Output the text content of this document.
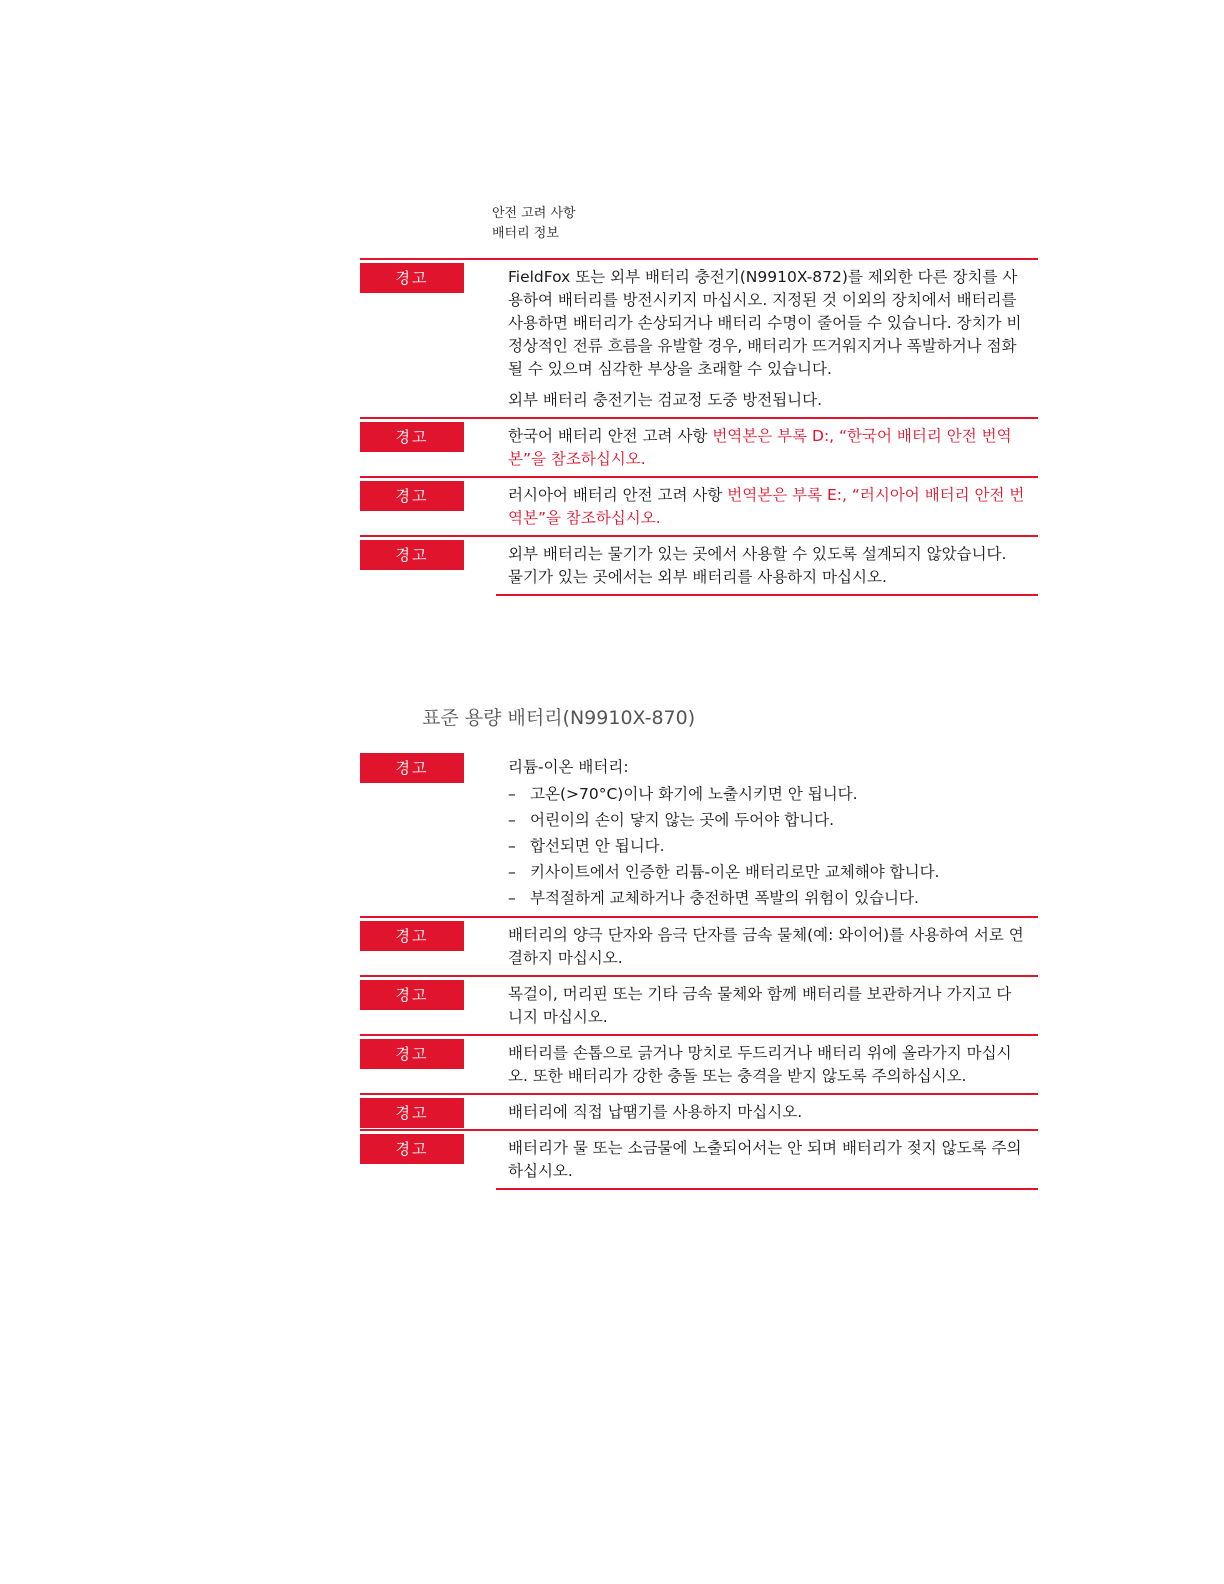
안전 고려 사항
배터리 정보
경고	FieldFox 또는 외부 배터리 충전기(N9910X-872)를 제외한 다른 장치를 사용하여 배터리를 방전시키지 마십시오. 지정된 것 이외의 장치에서 배터리를 사용하면 배터리가 손상되거나 배터리 수명이 줄어들 수 있습니다. 장치가 비정상적인 전류 흐름을 유발할 경우, 배터리가 뜨거워지거나 폭발하거나 점화될 수 있으며 심각한 부상을 초래할 수 있습니다.

외부 배터리 충전기는 검교정 도중 방전됩니다.

경고	한국어 배터리 안전 고려 사항 번역본은 부록 D:, “한국어 배터리 안전 번역본”을 참조하십시오.
경고	러시아어 배터리 안전 고려 사항 번역본은 부록 E:, “러시아어 배터리 안전 번역본”을 참조하십시오.
경고	외부 배터리는 물기가 있는 곳에서 사용할 수 있도록 설계되지 않았습니다. 물기가 있는 곳에서는 외부 배터리를 사용하지 마십시오.
표준 용량 배터리(N9910X-870)
경고	리튬-이온 배터리:

– 고온(>70°C)이나 화기에 노출시키면 안 됩니다.
– 어린이의 손이 닿지 않는 곳에 두어야 합니다.
– 합선되면 안 됩니다.
– 키사이트에서 인증한 리튬-이온 배터리로만 교체해야 합니다.
– 부적절하게 교체하거나 충전하면 폭발의 위험이 있습니다.
경고	배터리의 양극 단자와 음극 단자를 금속 물체(예: 와이어)를 사용하여 서로 연결하지 마십시오.
경고	목걸이, 머리핀 또는 기타 금속 물체와 함께 배터리를 보관하거나 가지고 다니지 마십시오.
경고	배터리를 손톱으로 긁거나 망치로 두드리거나 배터리 위에 올라가지 마십시오. 또한 배터리가 강한 충돌 또는 충격을 받지 않도록 주의하십시오.
경고	배터리에 직접 납땜기를 사용하지 마십시오.
경고	배터리가 물 또는 소금물에 노출되어서는 안 되며 배터리가 젖지 않도록 주의하십시오.
